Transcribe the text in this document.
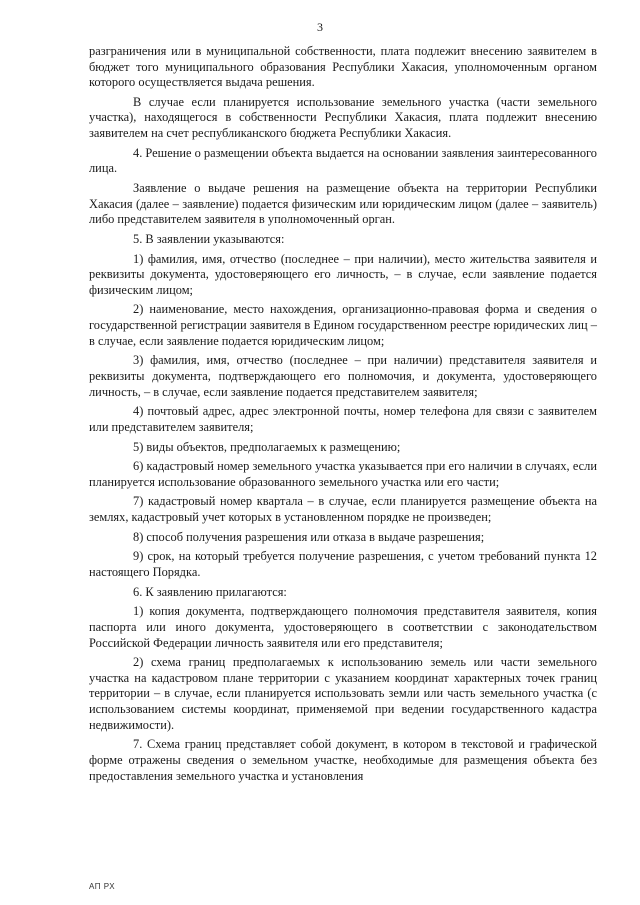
3

разграничения или в муниципальной собственности, плата подлежит внесению заявителем в бюджет того муниципального образования Республики Хакасия, уполномоченным органом которого осуществляется выдача решения.

В случае если планируется использование земельного участка (части земельного участка), находящегося в собственности Республики Хакасия, плата подлежит внесению заявителем на счет республиканского бюджета Республики Хакасия.

4. Решение о размещении объекта выдается на основании заявления заинтересованного лица.

Заявление о выдаче решения на размещение объекта на территории Республики Хакасия (далее – заявление) подается физическим или юридическим лицом (далее – заявитель) либо представителем заявителя в уполномоченный орган.

5. В заявлении указываются:

1) фамилия, имя, отчество (последнее – при наличии), место жительства заявителя и реквизиты документа, удостоверяющего его личность, – в случае, если заявление подается физическим лицом;

2) наименование, место нахождения, организационно-правовая форма и сведения о государственной регистрации заявителя в Едином государственном реестре юридических лиц – в случае, если заявление подается юридическим лицом;

3) фамилия, имя, отчество (последнее – при наличии) представителя заявителя и реквизиты документа, подтверждающего его полномочия, и документа, удостоверяющего личность, – в случае, если заявление подается представителем заявителя;

4) почтовый адрес, адрес электронной почты, номер телефона для связи с заявителем или представителем заявителя;

5) виды объектов, предполагаемых к размещению;

6) кадастровый номер земельного участка указывается при его наличии в случаях, если планируется использование образованного земельного участка или его части;

7) кадастровый номер квартала – в случае, если планируется размещение объекта на землях, кадастровый учет которых в установленном порядке не произведен;

8) способ получения разрешения или отказа в выдаче разрешения;

9) срок, на который требуется получение разрешения, с учетом требований пункта 12 настоящего Порядка.

6. К заявлению прилагаются:

1) копия документа, подтверждающего полномочия представителя заявителя, копия паспорта или иного документа, удостоверяющего в соответствии с законодательством Российской Федерации личность заявителя или его представителя;

2) схема границ предполагаемых к использованию земель или части земельного участка на кадастровом плане территории с указанием координат характерных точек границ территории – в случае, если планируется использовать земли или часть земельного участка (с использованием системы координат, применяемой при ведении государственного кадастра недвижимости).

7. Схема границ представляет собой документ, в котором в текстовой и графической форме отражены сведения о земельном участке, необходимые для размещения объекта без предоставления земельного участка и установления

АП РХ
